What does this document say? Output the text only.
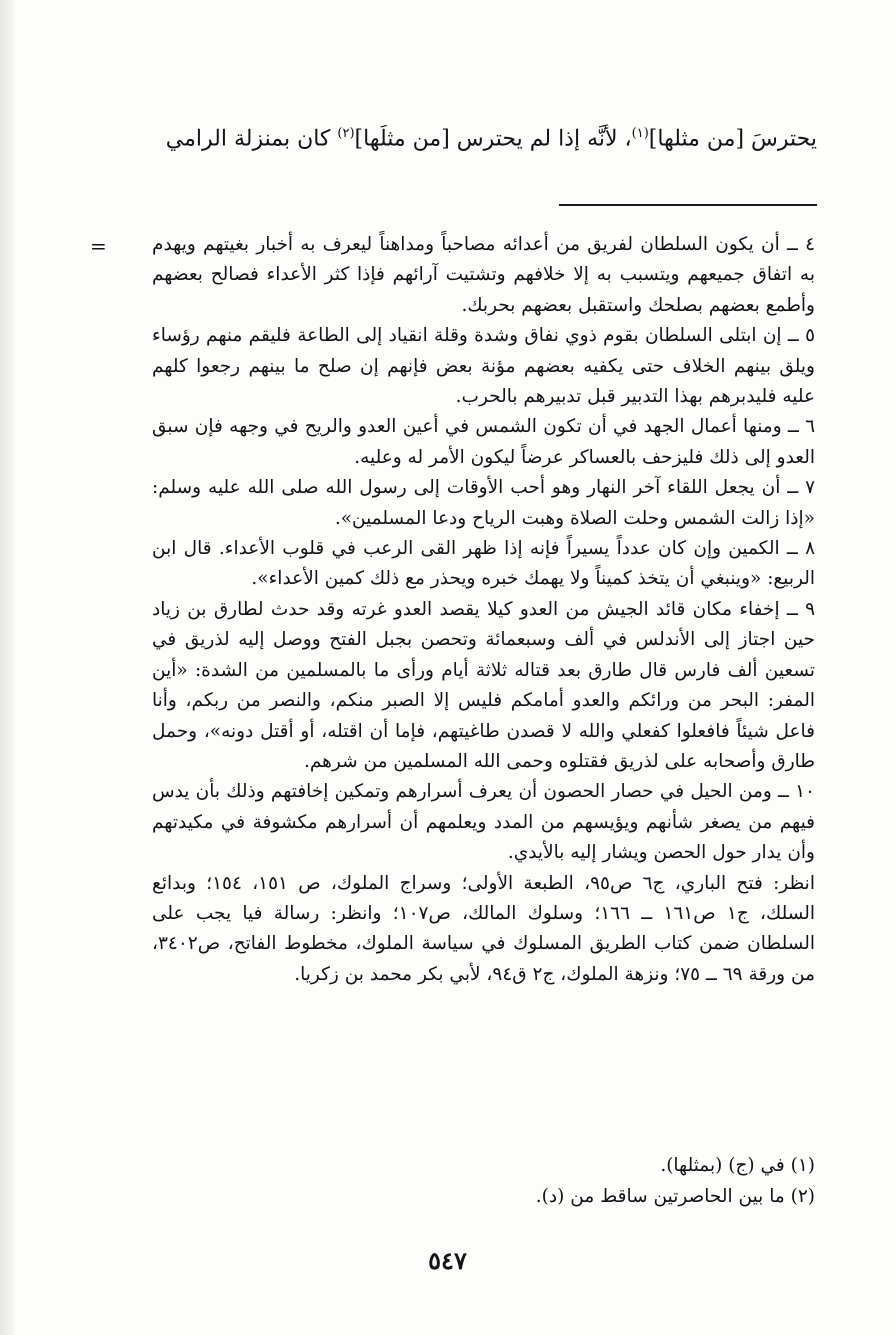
يحترسَ [من مثلها]$^{(١)}$، لأنَّه إذا لم يحترس [من مثلَها]$^{(٢)}$ كان بمنزلة الرامي
= ٤ ــ أن يكون السلطان لفريق من أعدائه مصاحباً ومداهناً ليعرف به أخبار بغيتهم ويهدم به اتفاق جميعهم ويتسبب به إلا خلافهم وتشتيت آرائهم فإذا كثر الأعداء فصالح بعضهم وأطمع بعضهم بصلحك واستقبل بعضهم بحربك.

٥ ــ إن ابتلى السلطان بقوم ذوي نفاق وشدة وقلة انقياد إلى الطاعة فليقم منهم رؤساء ويلق بينهم الخلاف حتى يكفيه بعضهم مؤنة بعض فإنهم إن صلح ما بينهم رجعوا كلهم عليه فليدبرهم بهذا التدبير قبل تدبيرهم بالحرب.

٦ ــ ومنها أعمال الجهد في أن تكون الشمس في أعين العدو والريح في وجهه فإن سبق العدو إلى ذلك فليزحف بالعساكر عرضاً ليكون الأمر له وعليه.

٧ ــ أن يجعل اللقاء آخر النهار وهو أحب الأوقات إلى رسول الله صلى الله عليه وسلم: «إذا زالت الشمس وحلت الصلاة وهبت الرياح ودعا المسلمين».

٨ ــ الكمين وإن كان عدداً يسيراً فإنه إذا ظهر القى الرعب في قلوب الأعداء. قال ابن الربيع: «وينبغي أن يتخذ كميناً ولا يهمك خبره ويحذر مع ذلك كمين الأعداء».

٩ ــ إخفاء مكان قائد الجيش من العدو كيلا يقصد العدو غرته وقد حدث لطارق بن زياد حين اجتاز إلى الأندلس في ألف وسبعمائة وتحصن بجبل الفتح ووصل إليه لذريق في تسعين ألف فارس قال طارق بعد قتاله ثلاثة أيام ورأى ما بالمسلمين من الشدة: «أين المفر: البحر من ورائكم والعدو أمامكم فليس إلا الصبر منكم، والنصر من ربكم، وأنا فاعل شيئاً فافعلوا كفعلي والله لا قصدن طاغيتهم، فإما أن اقتله، أو أقتل دونه»، وحمل طارق وأصحابه على لذريق فقتلوه وحمى الله المسلمين من شرهم.

١٠ ــ ومن الحيل في حصار الحصون أن يعرف أسرارهم وتمكين إخافتهم وذلك بأن يدس فيهم من يصغر شأنهم ويؤيسهم من المدد ويعلمهم أن أسرارهم مكشوفة في مكيدتهم وأن يدار حول الحصن ويشار إليه بالأيدي.

انظر: فتح الباري، ج٦ ص٩٥، الطبعة الأولى؛ وسراج الملوك، ص ١٥١، ١٥٤؛ وبدائع السلك، ج١ ص١٦١ ــ ١٦٦؛ وسلوك المالك، ص١٠٧؛ وانظر: رسالة فيا يجب على السلطان ضمن كتاب الطريق المسلوك في سياسة الملوك، مخطوط الفاتح، ص٣٤٠٢، من ورقة ٦٩ ــ ٧٥؛ ونزهة الملوك، ج٢ ق٩٤، لأبي بكر محمد بن زكريا.

(١) في (ج) (بمثلها).

(٢) ما بين الحاصرتين ساقط من (د).

٥٤٧
